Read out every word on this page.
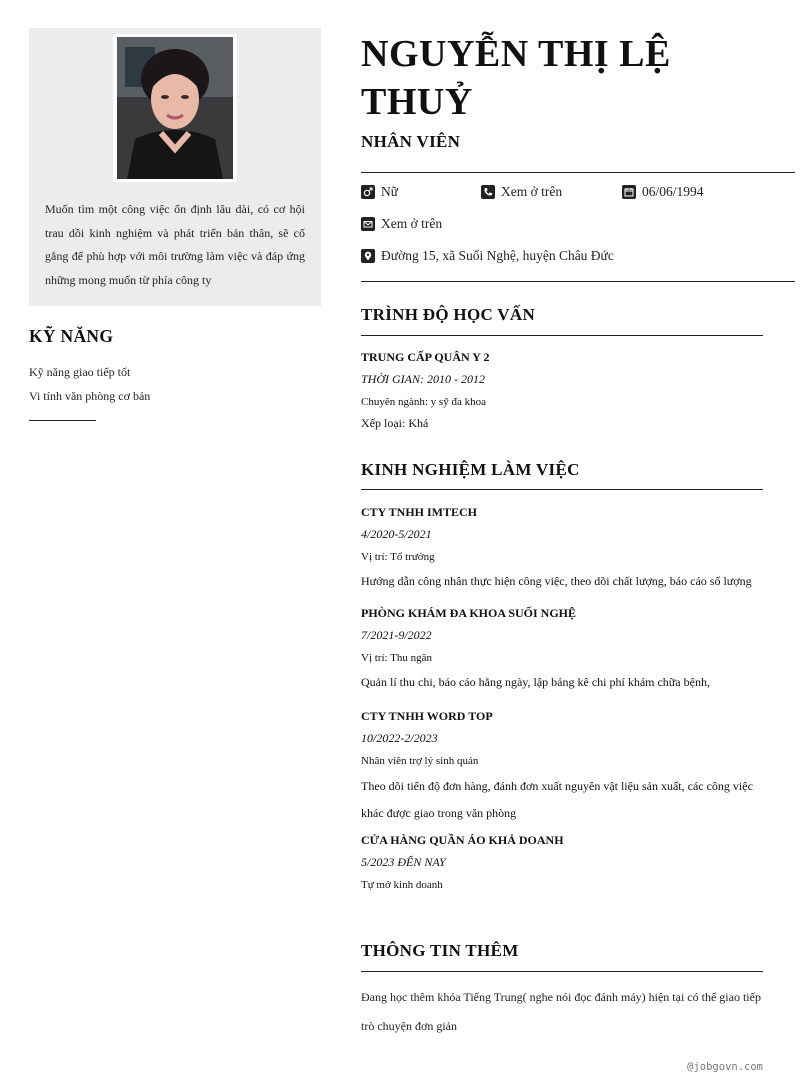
Muốn tìm một công việc ổn định lâu dài, có cơ hội trau dồi kinh nghiệm và phát triển bản thân, sẽ cố gắng để phù hợp với môi trường làm việc và đáp ứng những mong muốn từ phía công ty
KỸ NĂNG
Kỹ năng giao tiếp tốt
Vi tính văn phòng cơ bản
NGUYỄN THỊ LỆ THUỶ
NHÂN VIÊN
Nữ	Xem ở trên	06/06/1994
Xem ở trên
Đường 15, xã Suối Nghệ, huyện Châu Đức
TRÌNH ĐỘ HỌC VẤN
TRUNG CẤP QUÂN Y 2
THỜI GIAN: 2010 - 2012
Chuyên ngành: y sỹ đa khoa
Xếp loại: Khá
KINH NGHIỆM LÀM VIỆC
CTY TNHH IMTECH
4/2020-5/2021
Vị trí: Tổ trưởng
Hướng dẫn công nhân thực hiện công việc, theo dõi chất lượng, báo cáo số lượng
PHÒNG KHÁM ĐA KHOA SUỐI NGHỆ
7/2021-9/2022
Vị trí: Thu ngân
Quản lí thu chi, báo cáo hằng ngày, lập bảng kê chi phí khám chữa bệnh,
CTY TNHH WORD TOP
10/2022-2/2023
Nhân viên trợ lý sinh quản
Theo dõi tiến độ đơn hàng, đánh đơn xuất nguyên vật liệu sản xuất, các công việc khác được giao trong văn phòng
CỬA HÀNG QUẦN ÁO KHẢ DOANH
5/2023 ĐẾN NAY
Tự mở kinh doanh
THÔNG TIN THÊM
Đang học thêm khóa Tiếng Trung( nghe nói đọc đánh máy) hiện tại có thể giao tiếp trò chuyện đơn giản
@jobgovn.com
